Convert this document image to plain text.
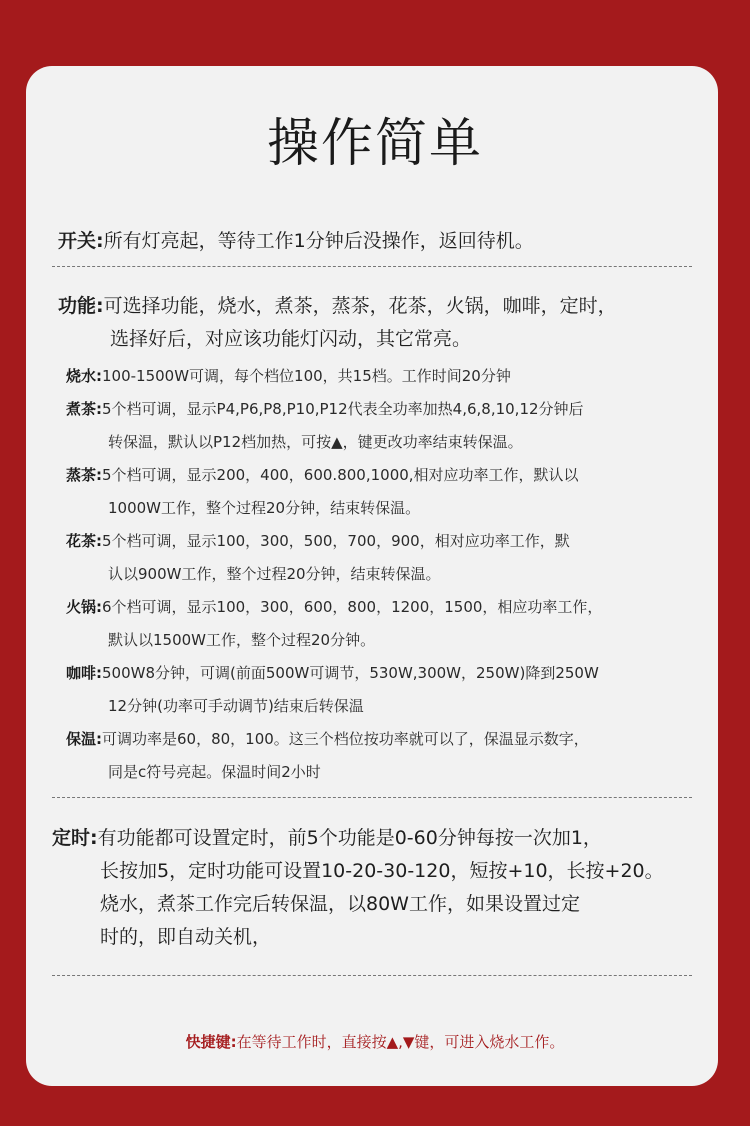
操作简单
开关:所有灯亮起，等待工作1分钟后没操作，返回待机。
功能:可选择功能，烧水，煮茶，蒸茶，花茶，火锅，咖啡，定时，
选择好后，对应该功能灯闪动，其它常亮。
烧水:100-1500W可调，每个档位100，共15档。工作时间20分钟
煮茶:5个档可调，显示P4,P6,P8,P10,P12代表全功率加热4,6,8,10,12分钟后
转保温，默认以P12档加热，可按▲，键更改功率结束转保温。
蒸茶:5个档可调，显示200，400，600.800,1000,相对应功率工作，默认以
1000W工作，整个过程20分钟，结束转保温。
花茶:5个档可调，显示100，300，500，700，900，相对应功率工作，默
认以900W工作，整个过程20分钟，结束转保温。
火锅:6个档可调，显示100，300，600，800，1200，1500，相应功率工作，
默认以1500W工作，整个过程20分钟。
咖啡:500W8分钟，可调(前面500W可调节，530W,300W，250W)降到250W
12分钟(功率可手动调节)结束后转保温
保温:可调功率是60，80，100。这三个档位按功率就可以了，保温显示数字，
同是c符号亮起。保温时间2小时
定时:有功能都可设置定时，前5个功能是0-60分钟每按一次加1，
长按加5，定时功能可设置10-20-30-120，短按+10，长按+20。
烧水，煮茶工作完后转保温，以80W工作，如果设置过定
时的，即自动关机，
快捷键:在等待工作时，直接按▲,▼键，可进入烧水工作。
